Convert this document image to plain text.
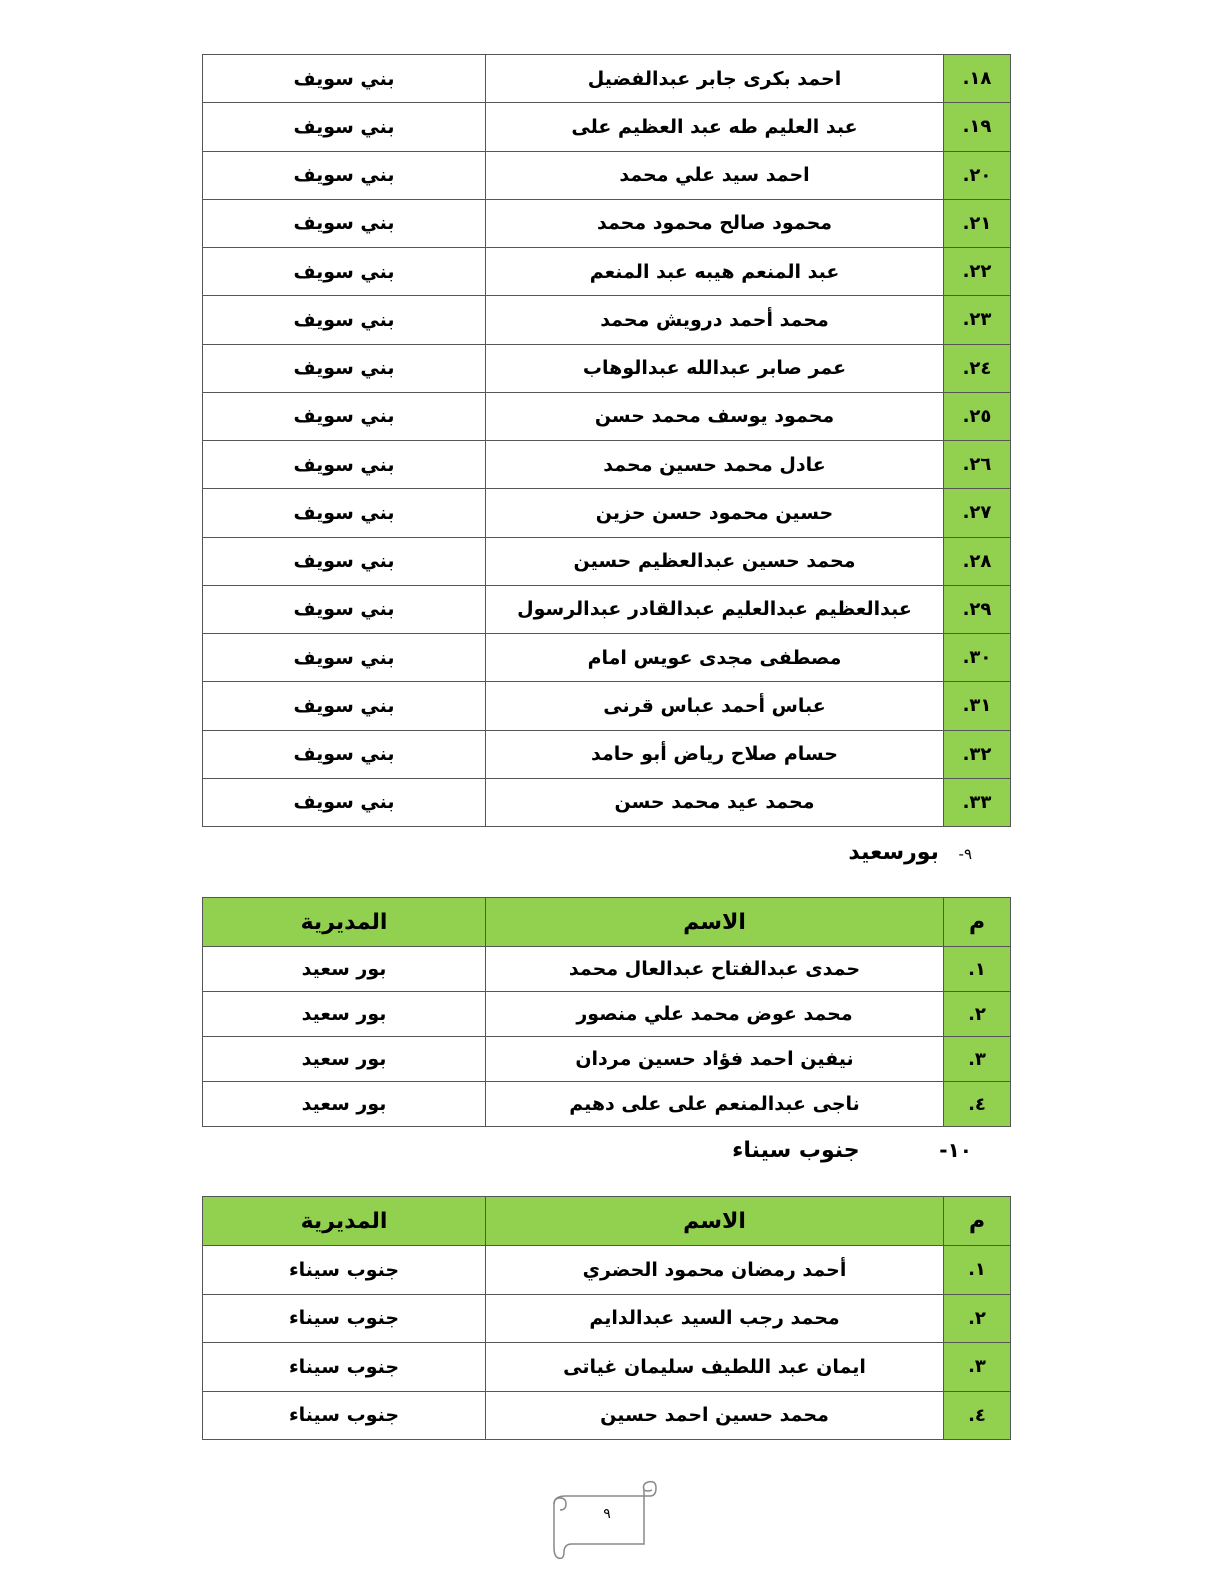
١٨.	احمد بكرى جابر عبدالفضيل	بني سويف
١٩.	عبد العليم طه عبد العظيم على	بني سويف
٢٠.	احمد سيد علي محمد	بني سويف
٢١.	محمود صالح محمود محمد	بني سويف
٢٢.	عبد المنعم هيبه عبد المنعم	بني سويف
٢٣.	محمد أحمد درويش محمد	بني سويف
٢٤.	عمر صابر عبدالله عبدالوهاب	بني سويف
٢٥.	محمود يوسف محمد حسن	بني سويف
٢٦.	عادل محمد حسين محمد	بني سويف
٢٧.	حسين محمود حسن حزين	بني سويف
٢٨.	محمد حسين عبدالعظيم حسين	بني سويف
٢٩.	عبدالعظيم عبدالعليم عبدالقادر عبدالرسول	بني سويف
٣٠.	مصطفى مجدى عويس امام	بني سويف
٣١.	عباس أحمد عباس قرنى	بني سويف
٣٢.	حسام صلاح رياض أبو حامد	بني سويف
٣٣.	محمد عيد محمد حسن	بني سويف
٩- بورسعيد
م	الاسم	المديرية
١.	حمدى عبدالفتاح عبدالعال محمد	بور سعيد
٢.	محمد عوض محمد علي منصور	بور سعيد
٣.	نيفين احمد فؤاد حسين مردان	بور سعيد
٤.	ناجى عبدالمنعم على على دهيم	بور سعيد
١٠- جنوب سيناء
م	الاسم	المديرية
١.	أحمد رمضان محمود الحضري	جنوب سيناء
٢.	محمد رجب السيد عبدالدايم	جنوب سيناء
٣.	ايمان عبد اللطيف سليمان غياتى	جنوب سيناء
٤.	محمد حسين احمد حسين	جنوب سيناء
٩
